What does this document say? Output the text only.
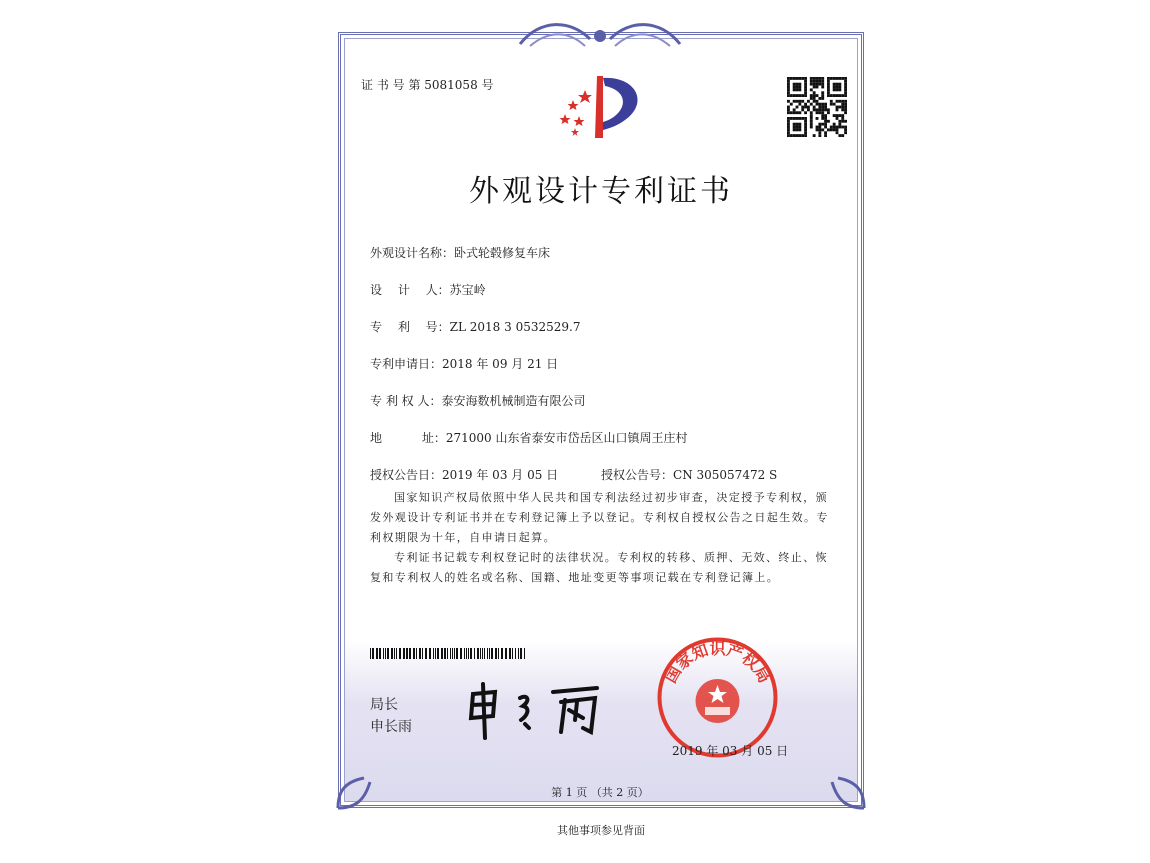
证 书 号 第 5081058 号
外观设计专利证书
外观设计名称：卧式轮毂修复车床
设　 计　 人：苏宝岭
专　 利　 号：ZL 2018 3 0532529.7
专利申请日：2018 年 09 月 21 日
专 利 权 人：泰安海数机械制造有限公司
地　　　 址：271000 山东省泰安市岱岳区山口镇周王庄村
授权公告日：2019 年 03 月 05 日	授权公告号：CN 305057472 S
国家知识产权局依照中华人民共和国专利法经过初步审查，决定授予专利权，颁发外观设计专利证书并在专利登记簿上予以登记。专利权自授权公告之日起生效。专利权期限为十年，自申请日起算。
专利证书记载专利权登记时的法律状况。专利权的转移、质押、无效、终止、恢复和专利权人的姓名或名称、国籍、地址变更等事项记载在专利登记簿上。
局长
申长雨
国家知识产权局
2019 年 03 月 05 日
第 1 页 （共 2 页）
其他事项参见背面
